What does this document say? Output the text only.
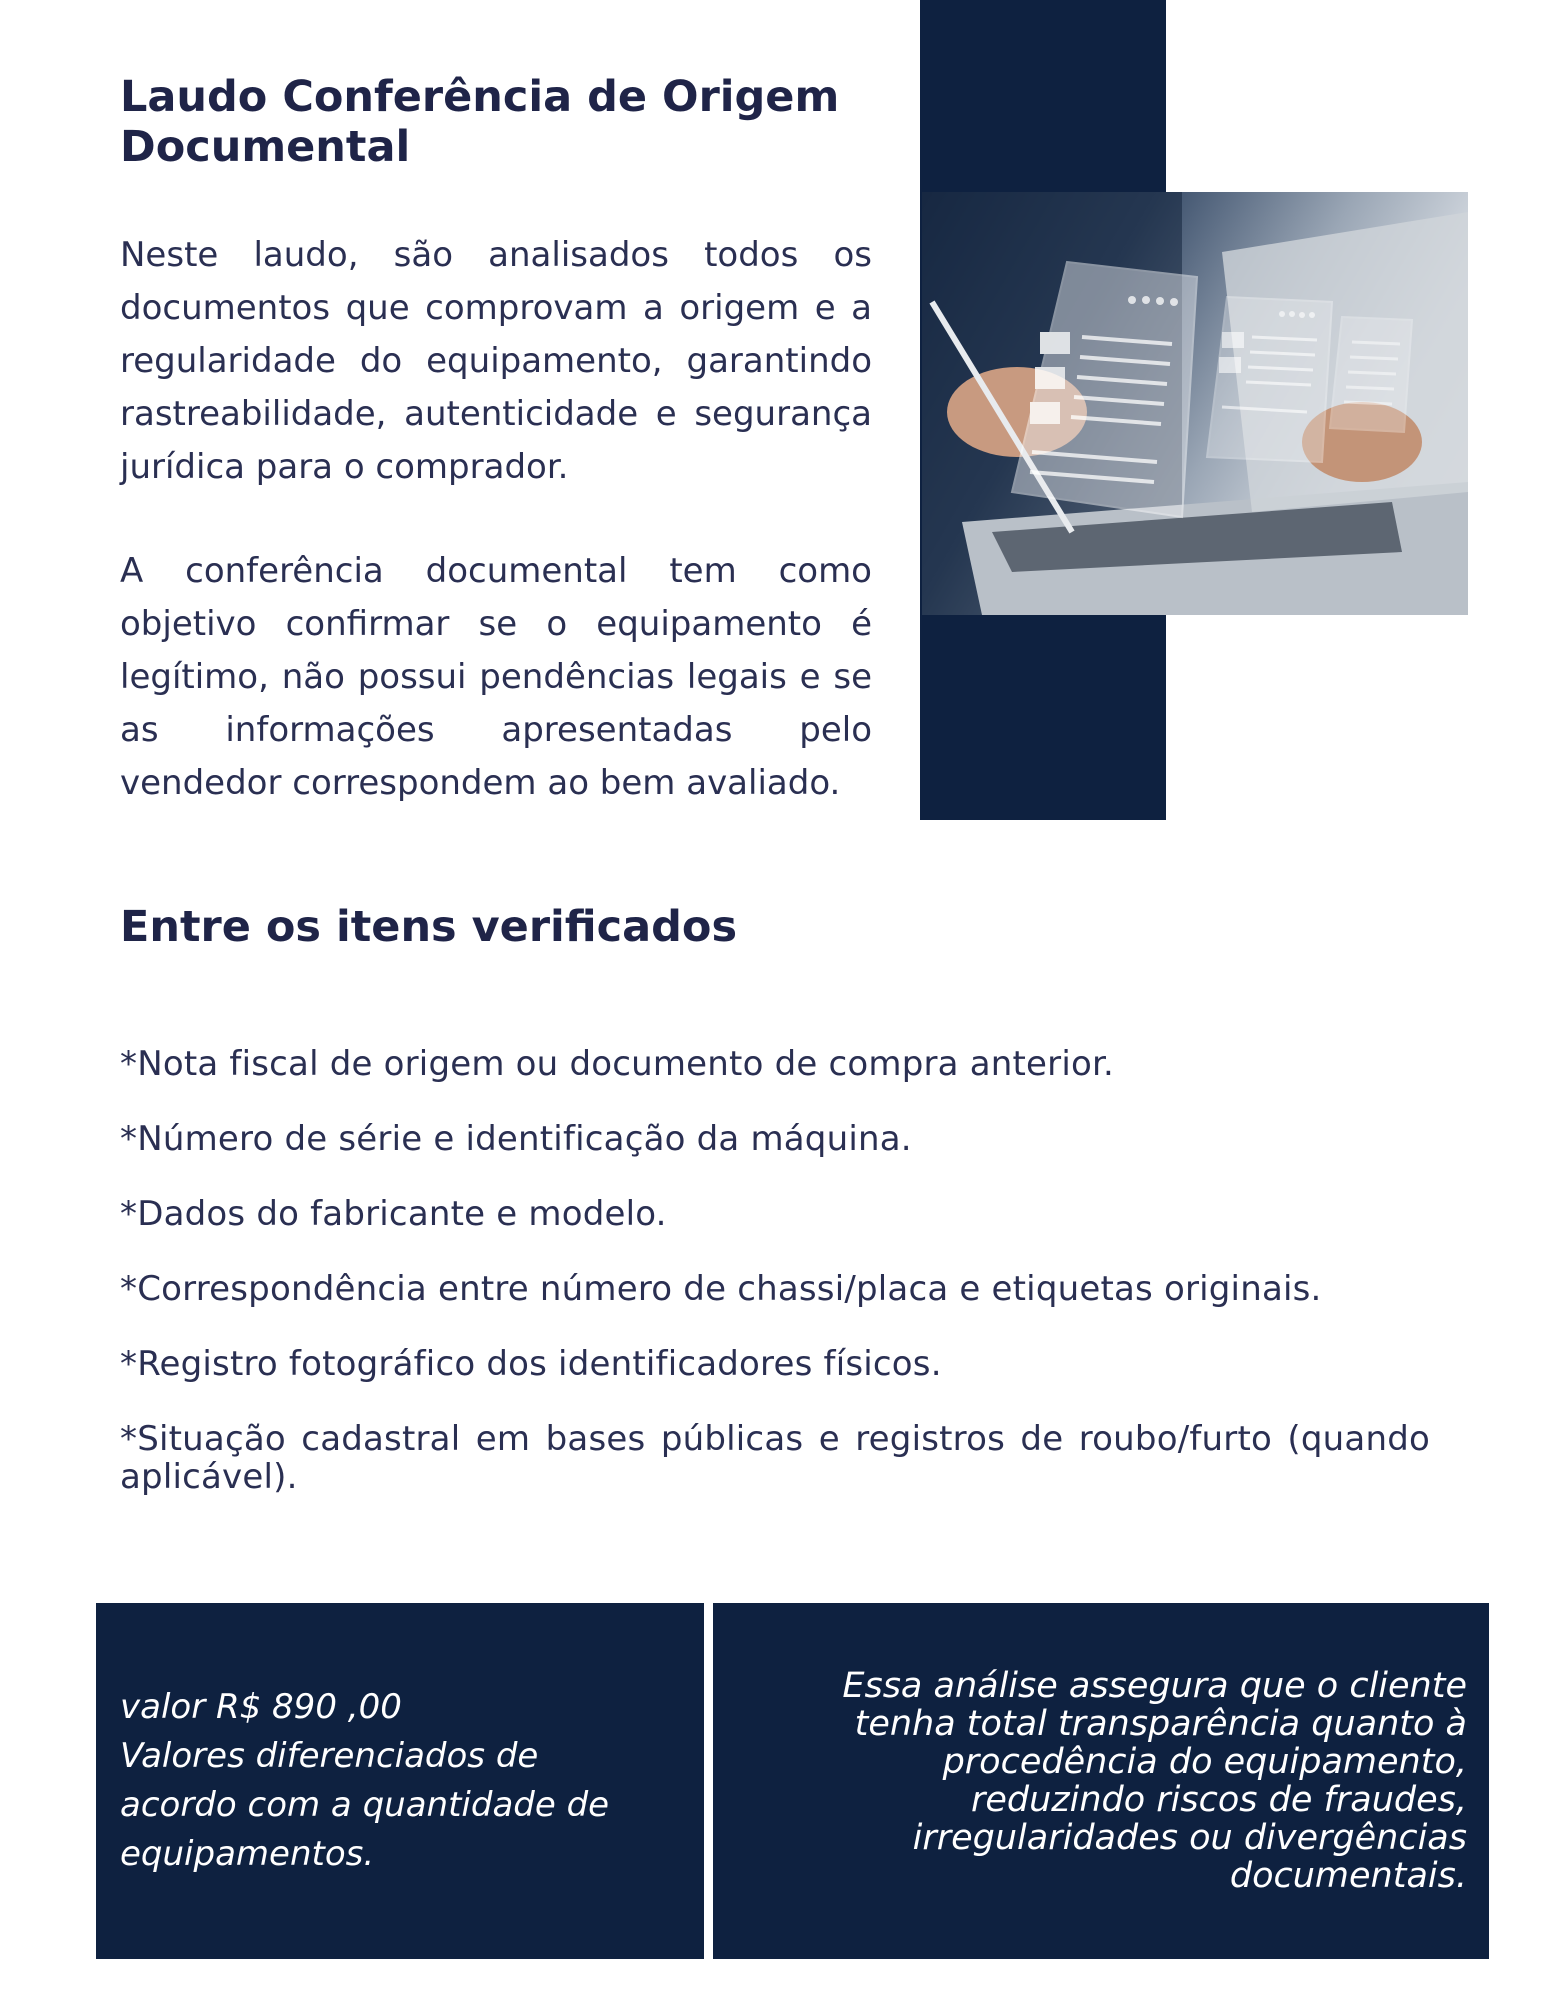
Laudo Conferência de Origem Documental

Neste laudo, são analisados todos os documentos que comprovam a origem e a regularidade do equipamento, garantindo rastreabilidade, autenticidade e segurança jurídica para o comprador.

A conferência documental tem como objetivo confirmar se o equipamento é legítimo, não possui pendências legais e se as informações apresentadas pelo vendedor correspondem ao bem avaliado.

Entre os itens verificados
*Nota fiscal de origem ou documento de compra anterior.
*Número de série e identificação da máquina.
*Dados do fabricante e modelo.
*Correspondência entre número de chassi/placa e etiquetas originais.
*Registro fotográfico dos identificadores físicos.
*Situação cadastral em bases públicas e registros de roubo/furto (quando aplicável).

valor R$ 890 ,00
Valores diferenciados de
acordo com a quantidade de
equipamentos.

Essa análise assegura que o cliente
tenha total transparência quanto à
procedência do equipamento,
reduzindo riscos de fraudes,
irregularidades ou divergências
documentais.
